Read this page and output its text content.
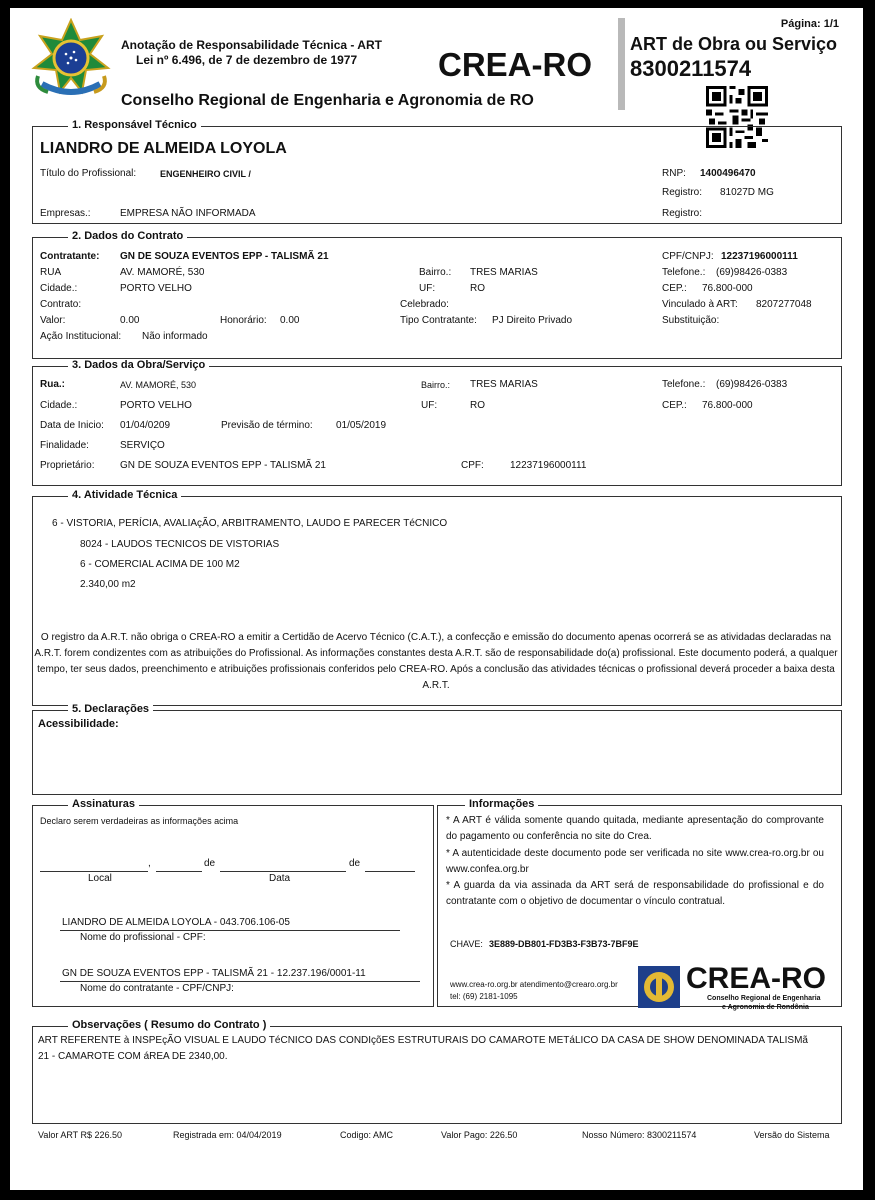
Anotação de Responsabilidade Técnica - ART
Lei nº 6.496, de 7 de dezembro de 1977 CREA-RO
Conselho Regional de Engenharia e Agronomia de RO
Página: 1/1
ART de Obra ou Serviço
8300211574
1. Responsável Técnico
LIANDRO DE ALMEIDA LOYOLA
Título do Profissional:	ENGENHEIRO CIVIL /
Empresas.:	EMPRESA NÃO INFORMADA
RNP: 1400496470
Registro: 81027D MG
Registro:
2. Dados do Contrato
Contratante: GN DE SOUZA EVENTOS EPP - TALISMÃ 21
RUA	AV. MAMORÉ, 530
Cidade.:	PORTO VELHO
Contrato:
Valor:	0.00	Honorário: 0.00
Ação Institucional: Não informado
Bairro.: TRES MARIAS
UF:	RO
Celebrado:
Tipo Contratante: PJ Direito Privado
CPF/CNPJ: 12237196000111
Telefone.: (69)98426-0383
CEP.: 76.800-000
Vinculado à ART: 8207277048
Substituição:
3. Dados da Obra/Serviço
Rua.:	AV. MAMORÉ, 530
Cidade.:	PORTO VELHO
Data de Inicio: 01/04/0209	Previsão de término: 01/05/2019
Finalidade:	SERVIÇO
Proprietário:	GN DE SOUZA EVENTOS EPP - TALISMÃ 21	CPF:	12237196000111
Bairro.: TRES MARIAS
UF:	RO
Telefone.: (69)98426-0383
CEP.: 76.800-000
4. Atividade Técnica
6 - VISTORIA, PERÍCIA, AVALIAçÃO, ARBITRAMENTO, LAUDO E PARECER TéCNICO
8024 - LAUDOS TECNICOS DE VISTORIAS
6 - COMERCIAL ACIMA DE 100 M2
2.340,00 m2
O registro da A.R.T. não obriga o CREA-RO a emitir a Certidão de Acervo Técnico (C.A.T.), a confecção e emissão do documento apenas ocorrerá se as atividadas declaradas na A.R.T. forem condizentes com as atribuições do Profissional. As informações constantes desta A.R.T. são de responsabilidade do(a) profissional. Este documento poderá, a qualquer tempo, ter seus dados, preenchimento e atribuições profissionais conferidos pelo CREA-RO. Após a conclusão das atividades técnicas o profissional deverá proceder a baixa desta A.R.T.
5. Declarações
Acessibilidade:
Assinaturas
Declaro serem verdadeiras as informações acima
,	de	de
Local	Data
LIANDRO DE ALMEIDA LOYOLA - 043.706.106-05
Nome do profissional - CPF:
GN DE SOUZA EVENTOS EPP - TALISMÃ 21 - 12.237.196/0001-11
Nome do contratante - CPF/CNPJ:
Informações
* A ART é válida somente quando quitada, mediante apresentação do comprovante do pagamento ou conferência no site do Crea.
* A autenticidade deste documento pode ser verificada no site www.crea-ro.org.br ou www.confea.org.br
* A guarda da via assinada da ART será de responsabilidade do profissional e do contratante com o objetivo de documentar o vínculo contratual.
CHAVE: 3E889-DB801-FD3B3-F3B73-7BF9E
www.crea-ro.org.br atendimento@crearo.org.br
tel: (69) 2181-1095
CREA-RO
Conselho Regional de Engenharia
e Agronomia de Rondônia
Observações ( Resumo do Contrato )
ART REFERENTE à INSPEçÃO VISUAL E LAUDO TéCNICO DAS CONDIçõES ESTRUTURAIS DO CAMAROTE METáLICO DA CASA DE SHOW DENOMINADA TALISMã 21 - CAMAROTE COM áREA DE 2340,00.
Valor ART R$ 226.50	Registrada em: 04/04/2019	Codigo: AMC	Valor Pago: 226.50	Nosso Número: 8300211574	Versão do Sistema
